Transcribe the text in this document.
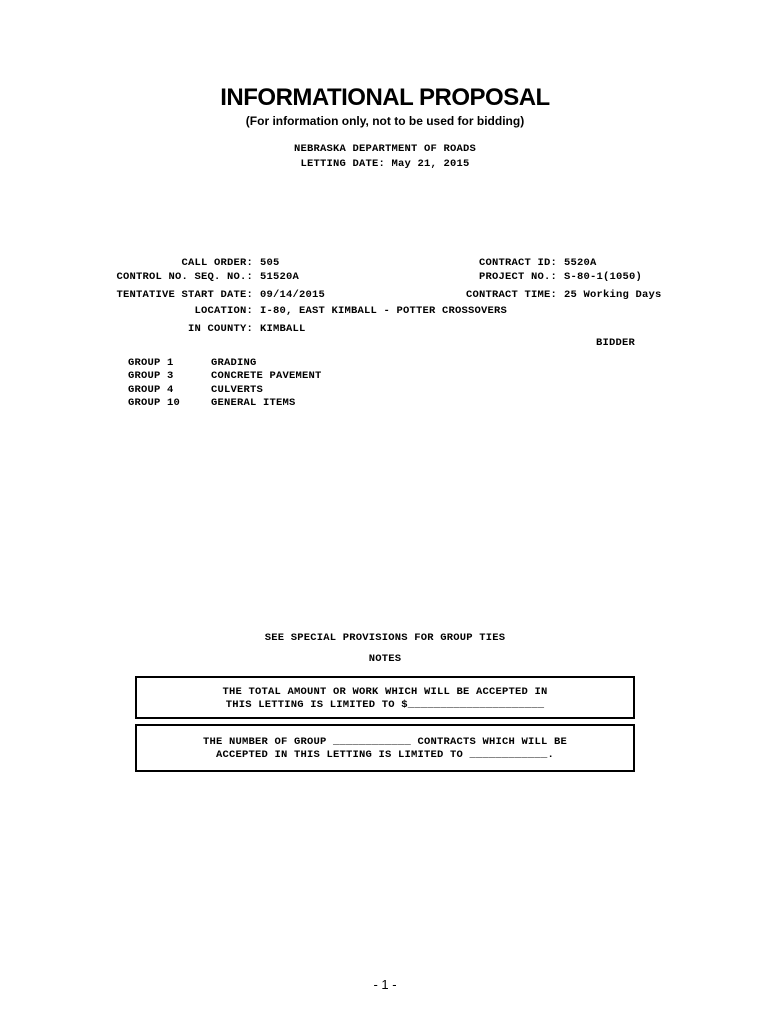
INFORMATIONAL PROPOSAL
(For information only, not to be used for bidding)
NEBRASKA DEPARTMENT OF ROADS
LETTING DATE: May 21, 2015
CALL ORDER: 505
CONTROL NO. SEQ. NO.: 51520A
TENTATIVE START DATE: 09/14/2015
LOCATION: I-80, EAST KIMBALL - POTTER CROSSOVERS
IN COUNTY: KIMBALL
CONTRACT ID: 5520A
PROJECT NO.: S-80-1(1050)
CONTRACT TIME: 25 Working Days
BIDDER
GROUP 1	GRADING
GROUP 3	CONCRETE PAVEMENT
GROUP 4	CULVERTS
GROUP 10	GENERAL ITEMS
SEE SPECIAL PROVISIONS FOR GROUP TIES
NOTES
THE TOTAL AMOUNT OR WORK WHICH WILL BE ACCEPTED IN
THIS LETTING IS LIMITED TO $_____________________
THE NUMBER OF GROUP ____________ CONTRACTS WHICH WILL BE
ACCEPTED IN THIS LETTING IS LIMITED TO ____________.
- 1 -
